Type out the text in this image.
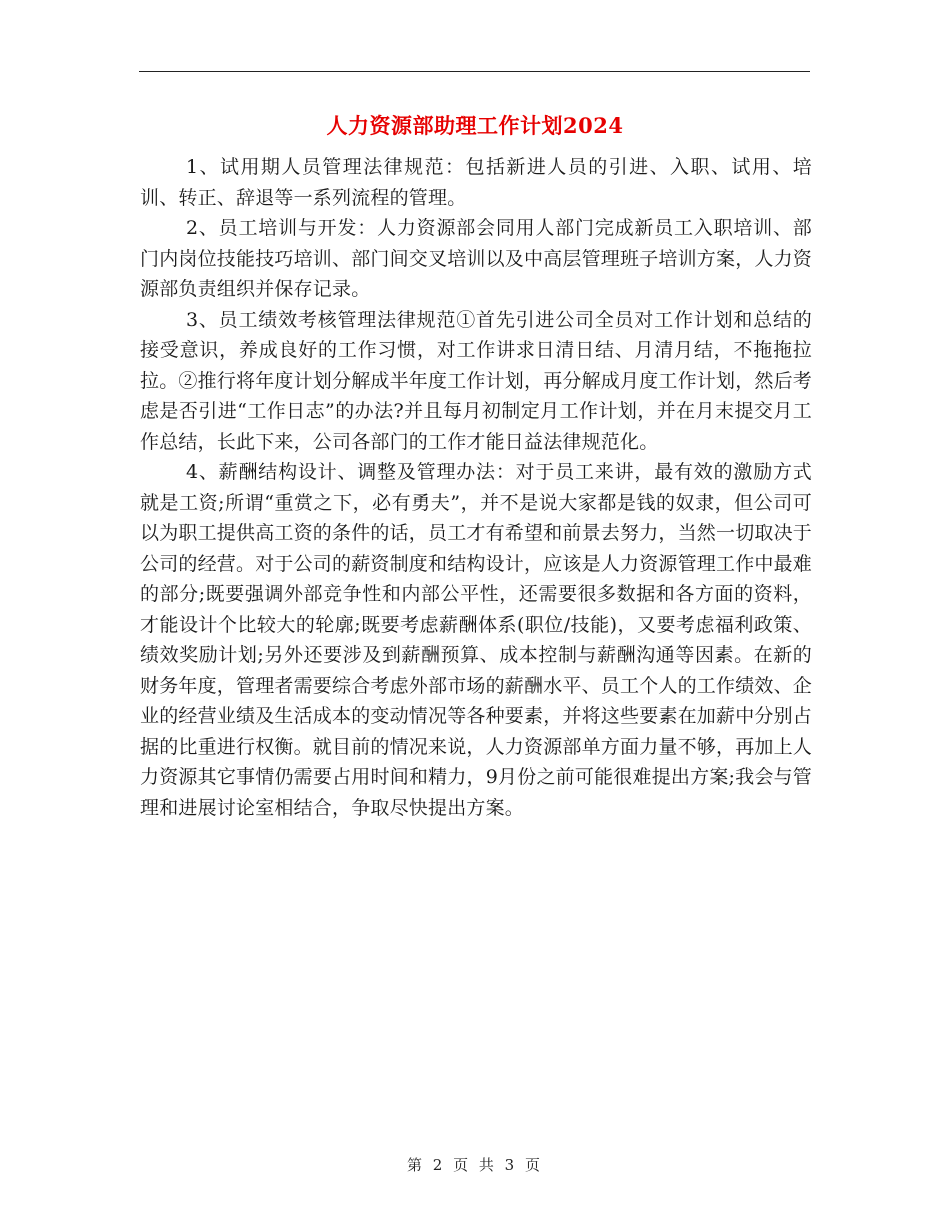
人力资源部助理工作计划2024

1、试用期人员管理法律规范：包括新进人员的引进、入职、试用、培训、转正、辞退等一系列流程的管理。

2、员工培训与开发：人力资源部会同用人部门完成新员工入职培训、部门内岗位技能技巧培训、部门间交叉培训以及中高层管理班子培训方案，人力资源部负责组织并保存记录。

3、员工绩效考核管理法律规范①首先引进公司全员对工作计划和总结的接受意识，养成良好的工作习惯，对工作讲求日清日结、月清月结，不拖拖拉拉。②推行将年度计划分解成半年度工作计划，再分解成月度工作计划，然后考虑是否引进“工作日志”的办法?并且每月初制定月工作计划，并在月末提交月工作总结，长此下来，公司各部门的工作才能日益法律规范化。

4、薪酬结构设计、调整及管理办法：对于员工来讲，最有效的激励方式就是工资;所谓“重赏之下，必有勇夫”，并不是说大家都是钱的奴隶，但公司可以为职工提供高工资的条件的话，员工才有希望和前景去努力，当然一切取决于公司的经营。对于公司的薪资制度和结构设计，应该是人力资源管理工作中最难的部分;既要强调外部竞争性和内部公平性，还需要很多数据和各方面的资料，才能设计个比较大的轮廓;既要考虑薪酬体系(职位/技能)，又要考虑福利政策、绩效奖励计划;另外还要涉及到薪酬预算、成本控制与薪酬沟通等因素。在新的财务年度，管理者需要综合考虑外部市场的薪酬水平、员工个人的工作绩效、企业的经营业绩及生活成本的变动情况等各种要素，并将这些要素在加薪中分别占据的比重进行权衡。就目前的情况来说，人力资源部单方面力量不够，再加上人力资源其它事情仍需要占用时间和精力，9月份之前可能很难提出方案;我会与管理和进展讨论室相结合，争取尽快提出方案。

第 2 页 共 3 页
